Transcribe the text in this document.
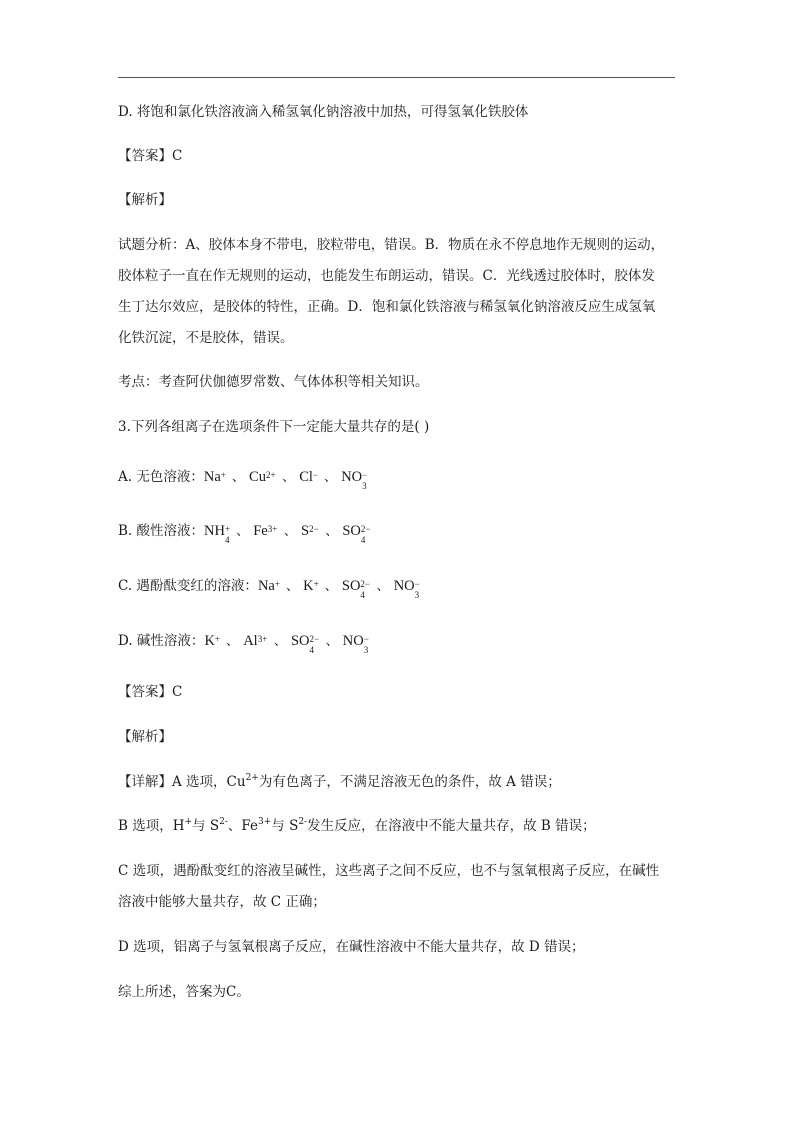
D. 将饱和氯化铁溶液滴入稀氢氧化钠溶液中加热，可得氢氧化铁胶体
【答案】C
【解析】
试题分析：A、胶体本身不带电，胶粒带电，错误。B．物质在永不停息地作无规则的运动，
胶体粒子一直在作无规则的运动，也能发生布朗运动，错误。C．光线透过胶体时，胶体发
生丁达尔效应，是胶体的特性，正确。D．饱和氯化铁溶液与稀氢氧化钠溶液反应生成氢氧
化铁沉淀，不是胶体，错误。
考点：考查阿伏伽德罗常数、气体体积等相关知识。
3.下列各组离子在选项条件下一定能大量共存的是( )
A. 无色溶液：Na + 、 Cu 2+ 、 Cl − 、 NO −
3
B. 酸性溶液：NH +
4
、 Fe 3+ 、 S 2− 、 SO 2−
4
C. 遇酚酞变红的溶液：Na + 、 K + 、 SO 2−
4
、 NO −
3
D. 碱性溶液：K + 、 Al 3+ 、 SO 2−
4
、 NO −
3
【答案】C
【解析】
【详解】A 选项，$Cu^{2+}$为有色离子，不满足溶液无色的条件，故 A 错误；
B 选项，H+与 $S^{2-}$、$Fe^{3+}$与 $S^{2-}$发生反应，在溶液中不能大量共存，故 B 错误；
C 选项，遇酚酞变红的溶液呈碱性，这些离子之间不反应，也不与氢氧根离子反应，在碱性
溶液中能够大量共存，故 C 正确；
D 选项，铝离子与氢氧根离子反应，在碱性溶液中不能大量共存，故 D 错误；
综上所述，答案为C。
